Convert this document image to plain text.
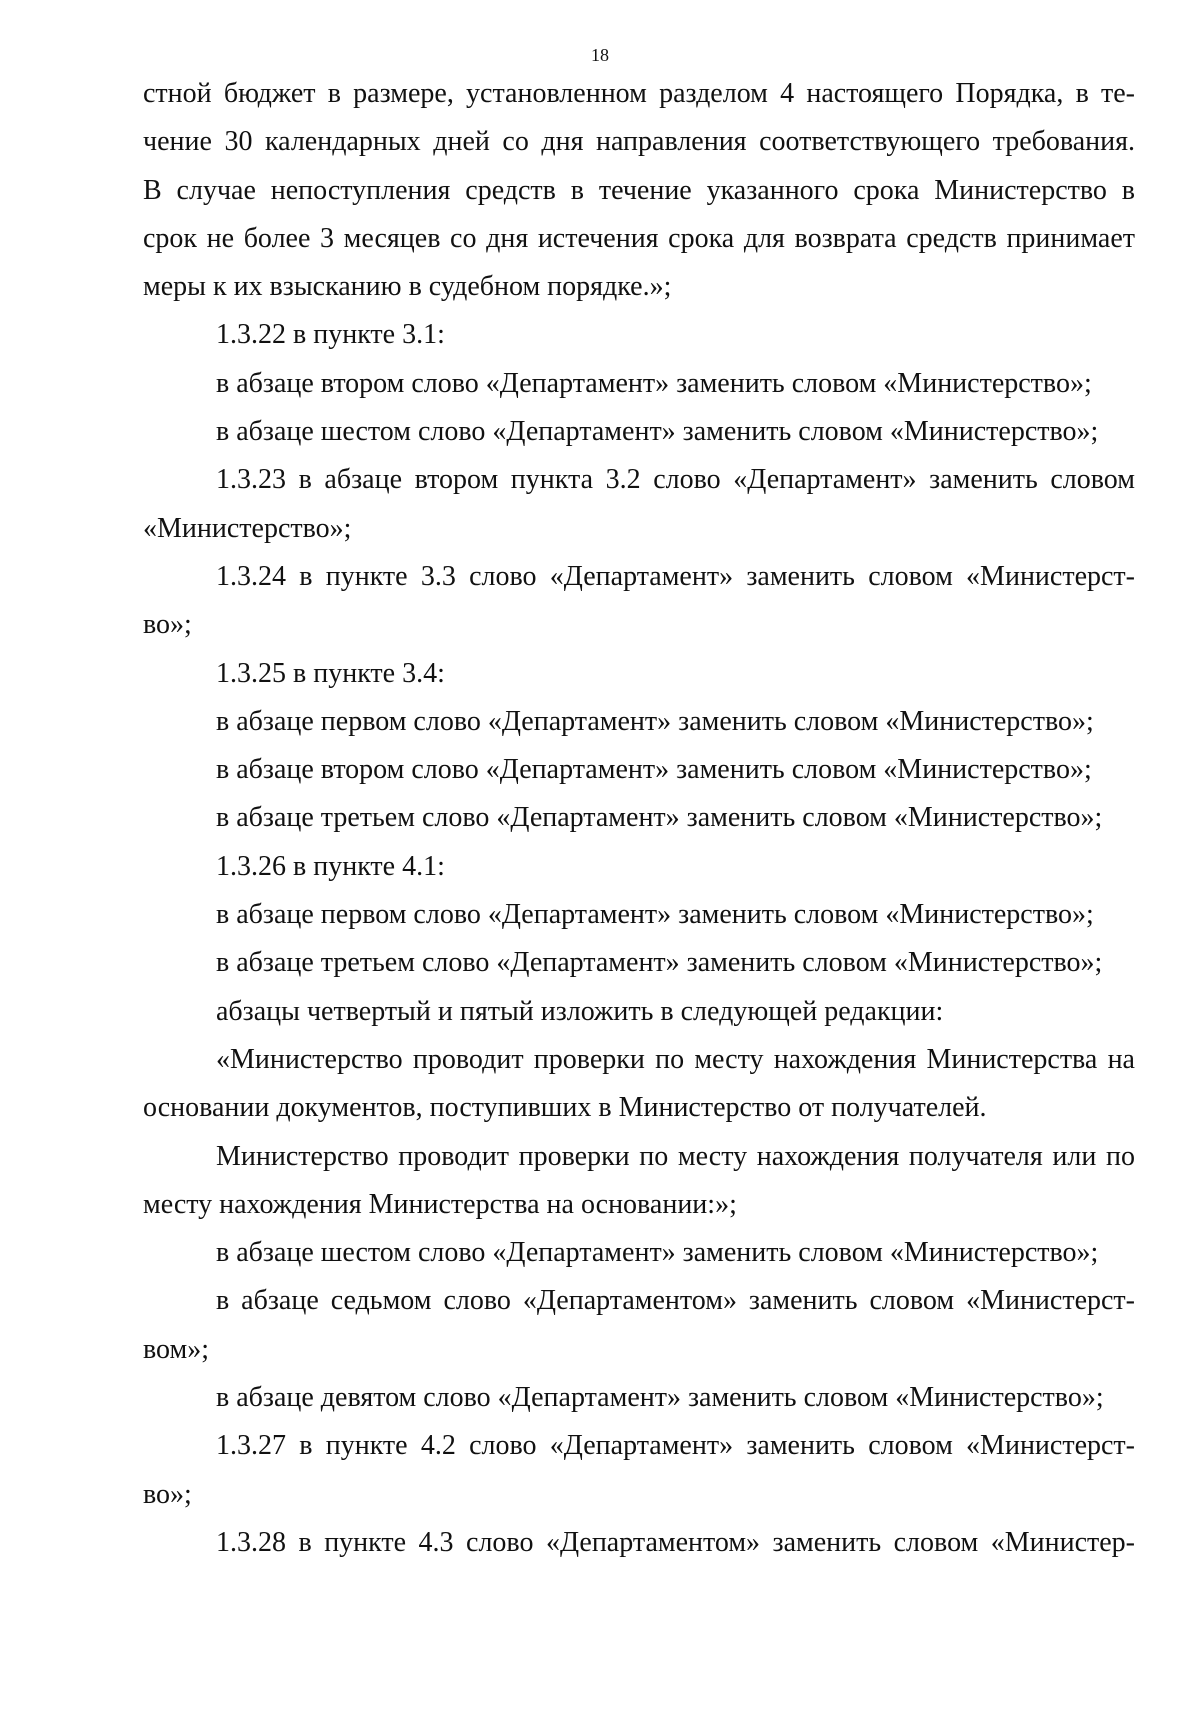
18
стной бюджет в размере, установленном разделом 4 настоящего Порядка, в те-
чение 30 календарных дней со дня направления соответствующего требования.
В случае непоступления средств в течение указанного срока Министерство в
срок не более 3 месяцев со дня истечения срока для возврата средств принимает
меры к их взысканию в судебном порядке.»;
1.3.22 в пункте 3.1:
в абзаце втором слово «Департамент» заменить словом «Министерство»;
в абзаце шестом слово «Департамент» заменить словом «Министерство»;
1.3.23 в абзаце втором пункта 3.2 слово «Департамент» заменить словом
«Министерство»;
1.3.24 в пункте 3.3 слово «Департамент» заменить словом «Министерст-
во»;
1.3.25 в пункте 3.4:
в абзаце первом слово «Департамент» заменить словом «Министерство»;
в абзаце втором слово «Департамент» заменить словом «Министерство»;
в абзаце третьем слово «Департамент» заменить словом «Министерство»;
1.3.26 в пункте 4.1:
в абзаце первом слово «Департамент» заменить словом «Министерство»;
в абзаце третьем слово «Департамент» заменить словом «Министерство»;
абзацы четвертый и пятый изложить в следующей редакции:
«Министерство проводит проверки по месту нахождения Министерства на
основании документов, поступивших в Министерство от получателей.
Министерство проводит проверки по месту нахождения получателя или по
месту нахождения Министерства на основании:»;
в абзаце шестом слово «Департамент» заменить словом «Министерство»;
в абзаце седьмом слово «Департаментом» заменить словом «Министерст-
вом»;
в абзаце девятом слово «Департамент» заменить словом «Министерство»;
1.3.27 в пункте 4.2 слово «Департамент» заменить словом «Министерст-
во»;
1.3.28 в пункте 4.3 слово «Департаментом» заменить словом «Министер-
